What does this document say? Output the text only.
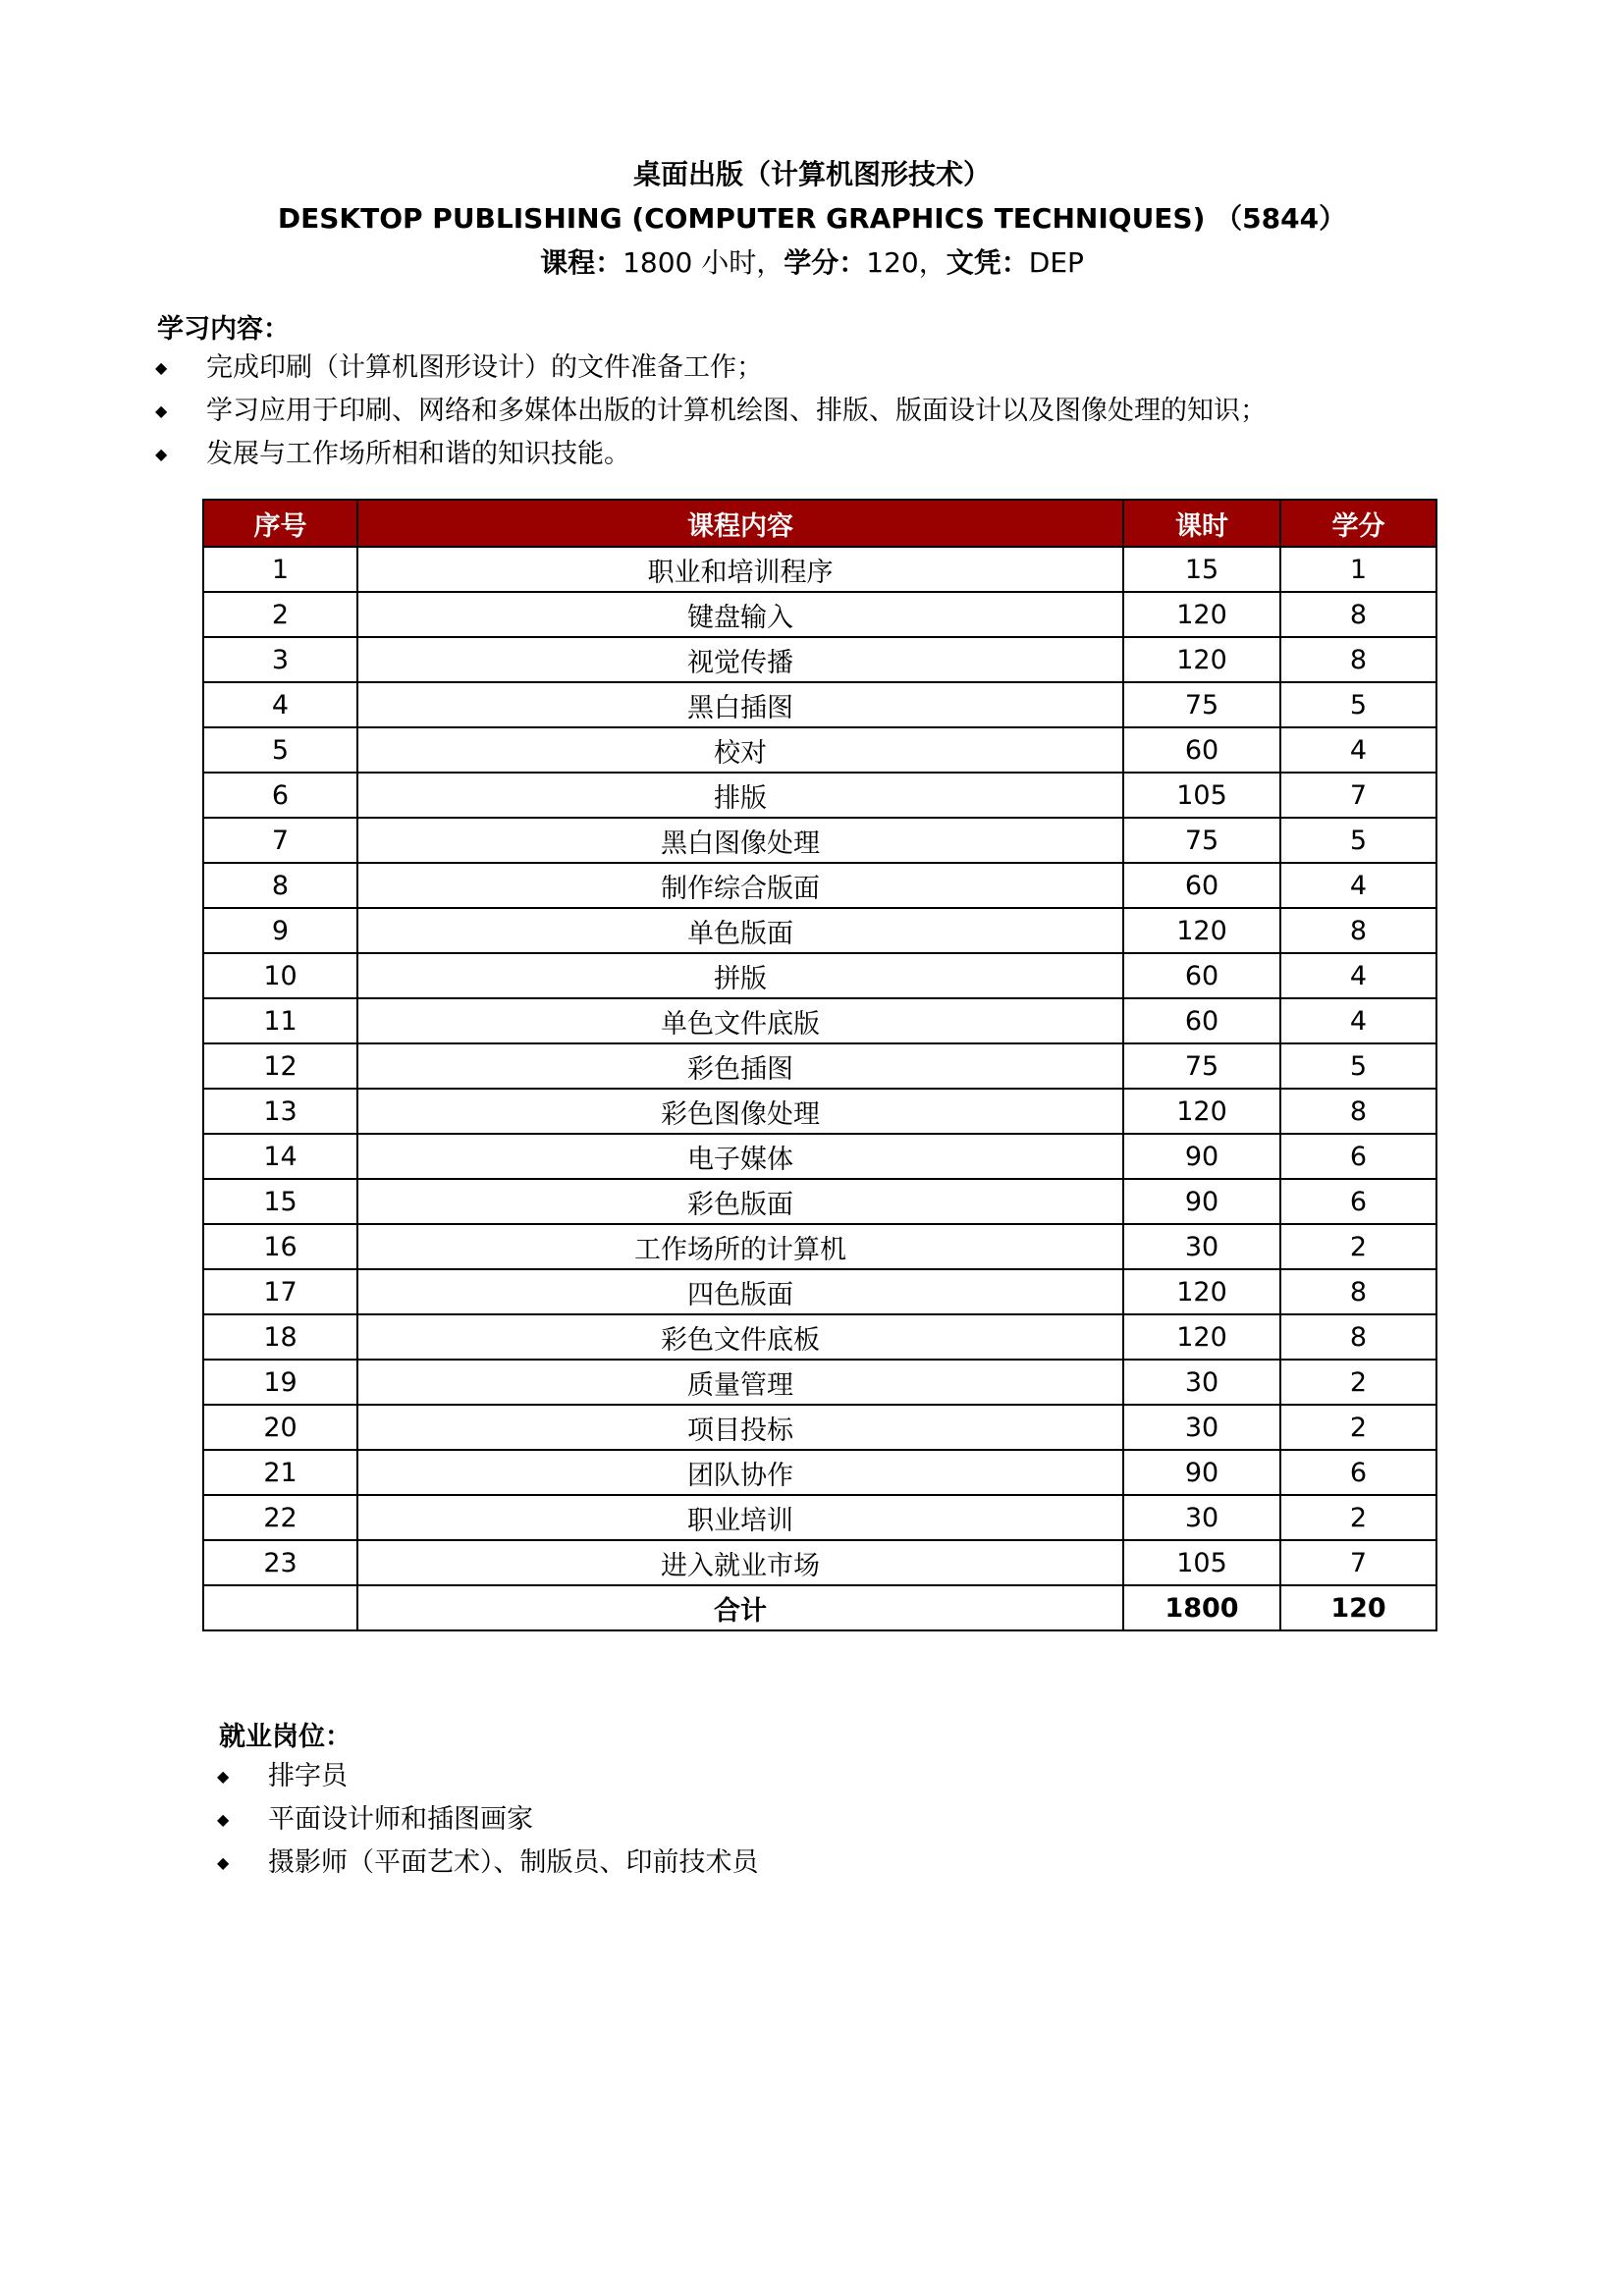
桌面出版（计算机图形技术）
DESKTOP PUBLISHING (COMPUTER GRAPHICS TECHNIQUES) （5844）
课程：1800 小时，学分：120，文凭：DEP
学习内容：
◆ 完成印刷（计算机图形设计）的文件准备工作；
◆ 学习应用于印刷、网络和多媒体出版的计算机绘图、排版、版面设计以及图像处理的知识；
◆ 发展与工作场所相和谐的知识技能。
序号	课程内容	课时	学分
1	职业和培训程序	15	1
2	键盘输入	120	8
3	视觉传播	120	8
4	黑白插图	75	5
5	校对	60	4
6	排版	105	7
7	黑白图像处理	75	5
8	制作综合版面	60	4
9	单色版面	120	8
10	拼版	60	4
11	单色文件底版	60	4
12	彩色插图	75	5
13	彩色图像处理	120	8
14	电子媒体	90	6
15	彩色版面	90	6
16	工作场所的计算机	30	2
17	四色版面	120	8
18	彩色文件底板	120	8
19	质量管理	30	2
20	项目投标	30	2
21	团队协作	90	6
22	职业培训	30	2
23	进入就业市场	105	7
	合计	1800	120
就业岗位：
◆ 排字员
◆ 平面设计师和插图画家
◆ 摄影师（平面艺术）、制版员、印前技术员
